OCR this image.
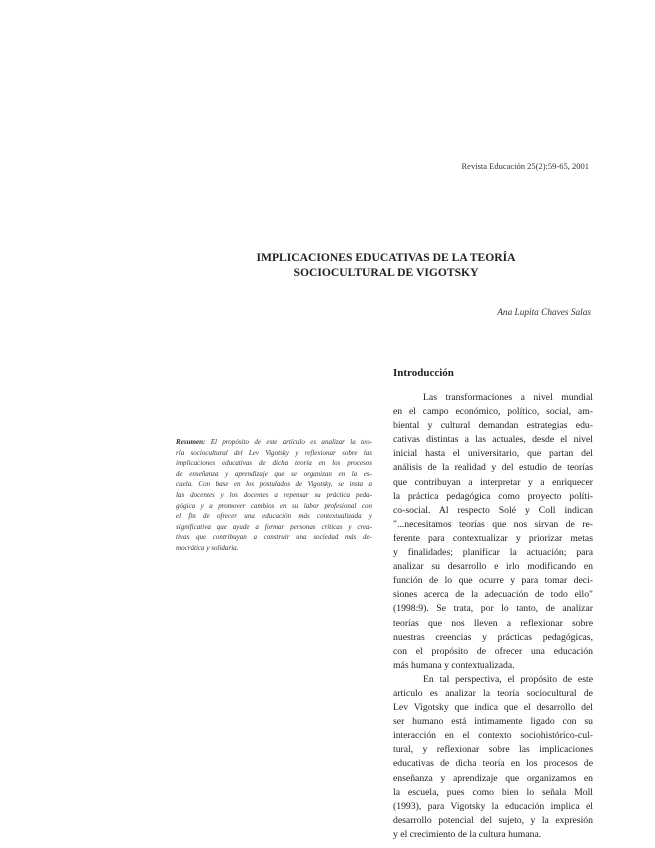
Revista Educación 25(2):59-65, 2001
IMPLICACIONES EDUCATIVAS DE LA TEORÍA
SOCIOCULTURAL DE VIGOTSKY
Ana Lupita Chaves Salas
Resumen: El propósito de este artículo es analizar la teo-
ría sociocultural del Lev Vigotsky y reflexionar sobre las
implicaciones educativas de dicha teoría en los procesos
de enseñanza y aprendizaje que se organizan en la es-
cuela. Con base en los postulados de Vigotsky, se insta a
las docentes y los docentes a repensar su práctica peda-
gógica y a promover cambios en su labor profesional con
el fin de ofrecer una educación más contextualizada y
significativa que ayude a formar personas críticas y crea-
tivas que contribuyan a construir una sociedad más de-
mocrática y solidaria.
Introducción
Las transformaciones a nivel mundial
en el campo económico, político, social, am-
biental y cultural demandan estrategias edu-
cativas distintas a las actuales, desde el nivel
inicial hasta el universitario, que partan del
análisis de la realidad y del estudio de teorías
que contribuyan a interpretar y a enriquecer
la práctica pedagógica como proyecto políti-
co-social. Al respecto Solé y Coll indican
"...necesitamos teorías que nos sirvan de re-
ferente para contextualizar y priorizar metas
y finalidades; planificar la actuación; para
analizar su desarrollo e irlo modificando en
función de lo que ocurre y para tomar deci-
siones acerca de la adecuación de todo ello"
(1998:9). Se trata, por lo tanto, de analizar
teorías que nos lleven a reflexionar sobre
nuestras creencias y prácticas pedagógicas,
con el propósito de ofrecer una educación
más humana y contextualizada.
En tal perspectiva, el propósito de este
artículo es analizar la teoría sociocultural de
Lev Vigotsky que indica que el desarrollo del
ser humano está íntimamente ligado con su
interacción en el contexto sociohistórico-cul-
tural, y reflexionar sobre las implicaciones
educativas de dicha teoría en los procesos de
enseñanza y aprendizaje que organizamos en
la escuela, pues como bien lo señala Moll
(1993), para Vigotsky la educación implica el
desarrollo potencial del sujeto, y la expresión
y el crecimiento de la cultura humana.
